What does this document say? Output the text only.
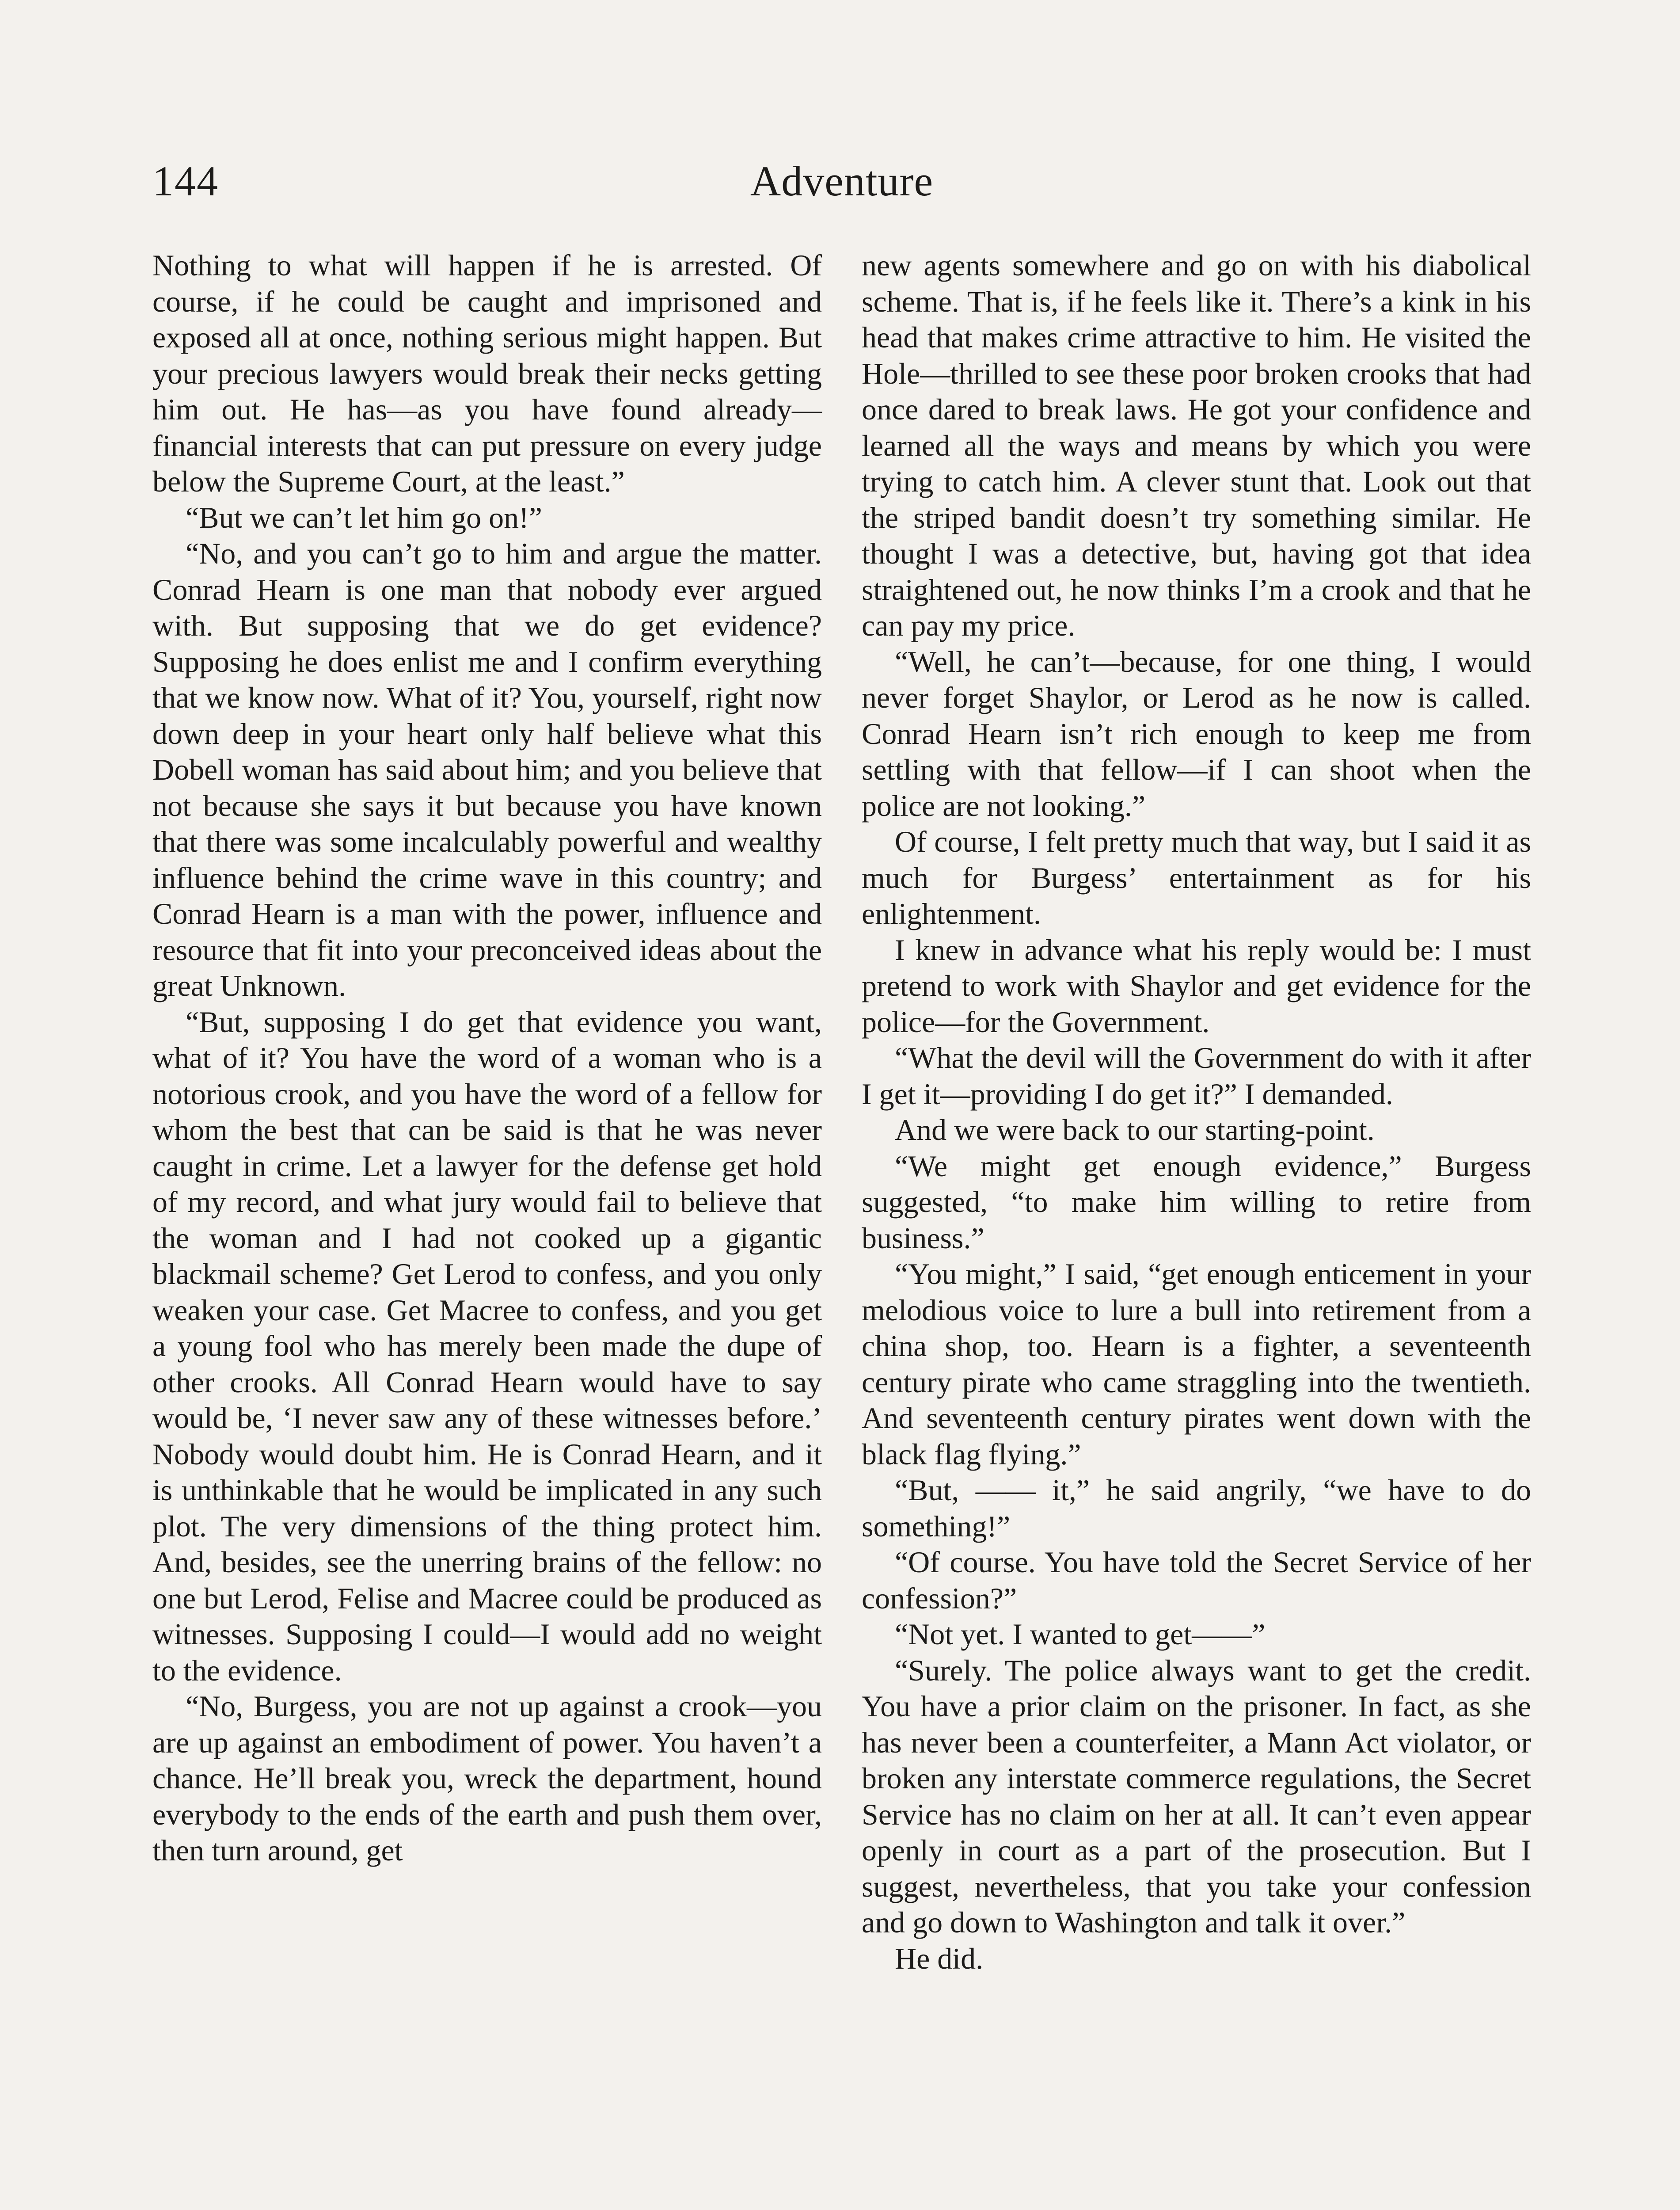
144	Adventure

Nothing to what will happen if he is arrested. Of course, if he could be caught and imprisoned and exposed all at once, nothing serious might happen. But your precious lawyers would break their necks getting him out. He has—as you have found already—financial interests that can put pressure on every judge below the Supreme Court, at the least.”

“But we can’t let him go on!”

“No, and you can’t go to him and argue the matter. Conrad Hearn is one man that nobody ever argued with. But supposing that we do get evidence? Supposing he does enlist me and I confirm everything that we know now. What of it? You, yourself, right now down deep in your heart only half believe what this Dobell woman has said about him; and you believe that not because she says it but because you have known that there was some incalculably powerful and wealthy influence behind the crime wave in this country; and Conrad Hearn is a man with the power, influence and resource that fit into your preconceived ideas about the great Unknown.

“But, supposing I do get that evidence you want, what of it? You have the word of a woman who is a notorious crook, and you have the word of a fellow for whom the best that can be said is that he was never caught in crime. Let a lawyer for the defense get hold of my record, and what jury would fail to believe that the woman and I had not cooked up a gigantic blackmail scheme? Get Lerod to confess, and you only weaken your case. Get Macree to confess, and you get a young fool who has merely been made the dupe of other crooks. All Conrad Hearn would have to say would be, ‘I never saw any of these witnesses before.’ Nobody would doubt him. He is Conrad Hearn, and it is unthinkable that he would be implicated in any such plot. The very dimensions of the thing protect him. And, besides, see the unerring brains of the fellow: no one but Lerod, Felise and Macree could be produced as witnesses. Supposing I could—I would add no weight to the evidence.

“No, Burgess, you are not up against a crook—you are up against an embodiment of power. You haven’t a chance. He’ll break you, wreck the department, hound everybody to the ends of the earth and push them over, then turn around, get

new agents somewhere and go on with his diabolical scheme. That is, if he feels like it. There’s a kink in his head that makes crime attractive to him. He visited the Hole—thrilled to see these poor broken crooks that had once dared to break laws. He got your confidence and learned all the ways and means by which you were trying to catch him. A clever stunt that. Look out that the striped bandit doesn’t try something similar. He thought I was a detective, but, having got that idea straightened out, he now thinks I’m a crook and that he can pay my price.

“Well, he can’t—because, for one thing, I would never forget Shaylor, or Lerod as he now is called. Conrad Hearn isn’t rich enough to keep me from settling with that fellow—if I can shoot when the police are not looking.”

Of course, I felt pretty much that way, but I said it as much for Burgess’ entertainment as for his enlightenment.

I knew in advance what his reply would be: I must pretend to work with Shaylor and get evidence for the police—for the Government.

“What the devil will the Government do with it after I get it—providing I do get it?” I demanded.

And we were back to our starting-point.

“We might get enough evidence,” Burgess suggested, “to make him willing to retire from business.”

“You might,” I said, “get enough enticement in your melodious voice to lure a bull into retirement from a china shop, too. Hearn is a fighter, a seventeenth century pirate who came straggling into the twentieth. And seventeenth century pirates went down with the black flag flying.”

“But, —— it,” he said angrily, “we have to do something!”

“Of course. You have told the Secret Service of her confession?”

“Not yet. I wanted to get——”

“Surely. The police always want to get the credit. You have a prior claim on the prisoner. In fact, as she has never been a counterfeiter, a Mann Act violator, or broken any interstate commerce regulations, the Secret Service has no claim on her at all. It can’t even appear openly in court as a part of the prosecution. But I suggest, nevertheless, that you take your confession and go down to Washington and talk it over.”

He did.
